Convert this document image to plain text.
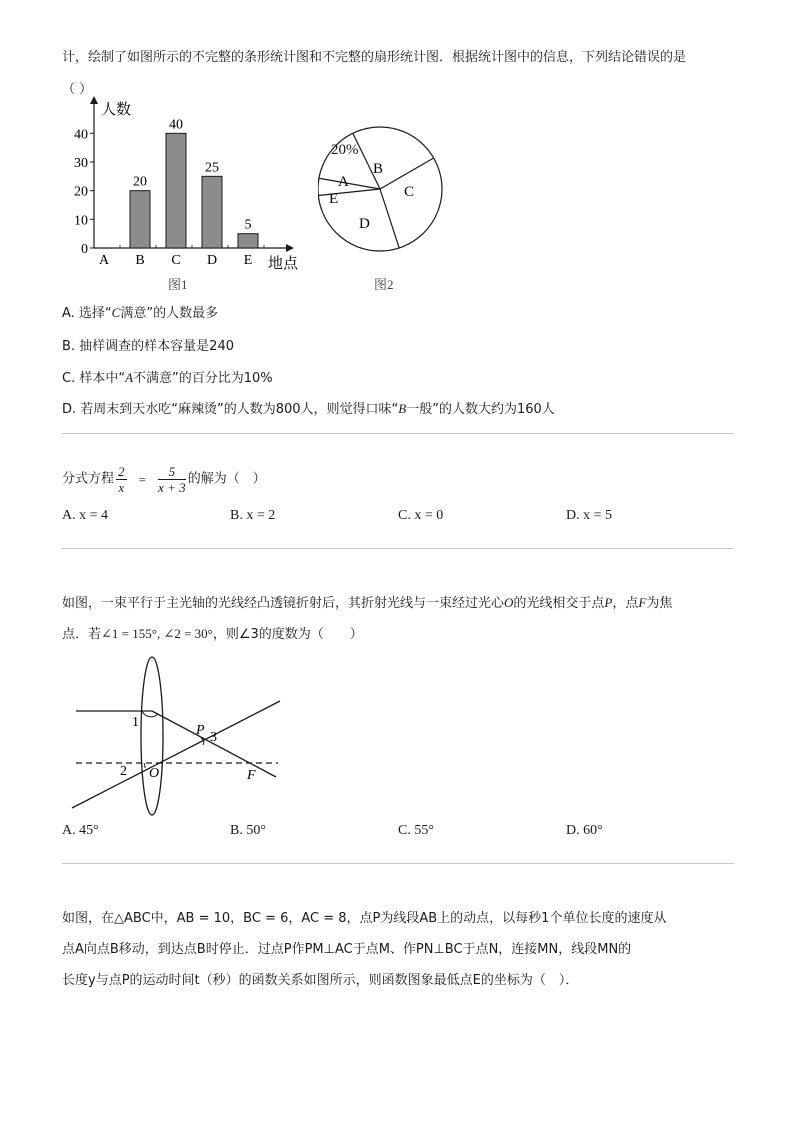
计，绘制了如图所示的不完整的条形统计图和不完整的扇形统计图．根据统计图中的信息，下列结论错误的是
（ ）
人数
地点
0
10
20
30
40
A
20
B
40
C
25
D
5
E
图1
20%
A
B
C
D
E
图2
A. 选择“C满意”的人数最多
B. 抽样调查的样本容量是240
C. 样本中“A不满意”的百分比为10%
D. 若周末到天水吃“麻辣烫”的人数为800人，则觉得口味“B一般”的人数大约为160人
分式方程 $\frac{2}{x} = \frac{5}{x + 3}$ 的解为（　）
A. x = 4	B. x = 2	C. x = 0	D. x = 5
如图，一束平行于主光轴的光线经凸透镜折射后，其折射光线与一束经过光心O的光线相交于点P，点F为焦
点．若∠1 = 155°, ∠2 = 30°，则∠3的度数为（　　）
1
2
3
P
O	F
A. 45°	B. 50°	C. 55°	D. 60°
如图，在△ABC中，AB = 10，BC = 6，AC = 8，点P为线段AB上的动点，以每秒1个单位长度的速度从
点A向点B移动，到达点B时停止．过点P作PM⊥AC于点M、作PN⊥BC于点N，连接MN，线段MN的
长度y与点P的运动时间t（秒）的函数关系如图所示，则函数图象最低点E的坐标为（　）．
